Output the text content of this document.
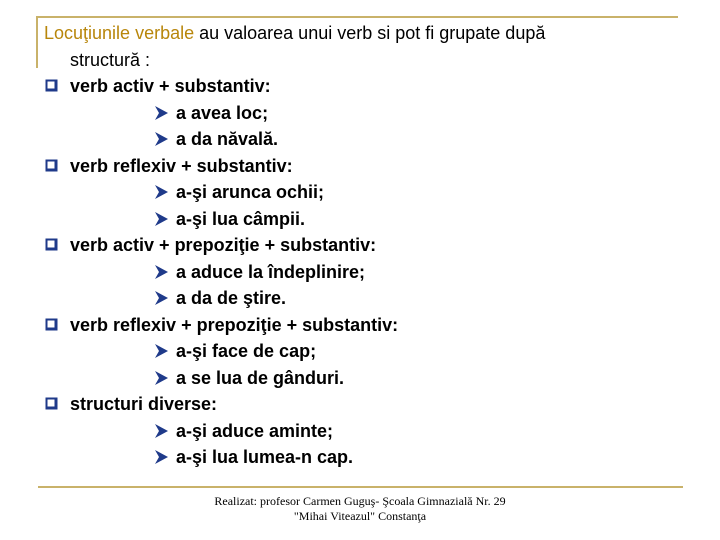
Locuţiunile verbale au valoarea unui verb si pot fi grupate după
structură :
verb activ + substantiv:
a avea loc;
a da năvală.
verb reflexiv + substantiv:
a-şi arunca ochii;
a-şi lua câmpii.
verb activ + prepoziţie + substantiv:
a aduce la îndeplinire;
a da de ştire.
verb reflexiv + prepoziţie + substantiv:
a-şi face de cap;
a se lua de gânduri.
structuri diverse:
a-şi aduce aminte;
a-şi lua lumea-n cap.
Realizat: profesor Carmen Guguş- Şcoala Gimnazială Nr. 29
"Mihai Viteazul" Constanţa
